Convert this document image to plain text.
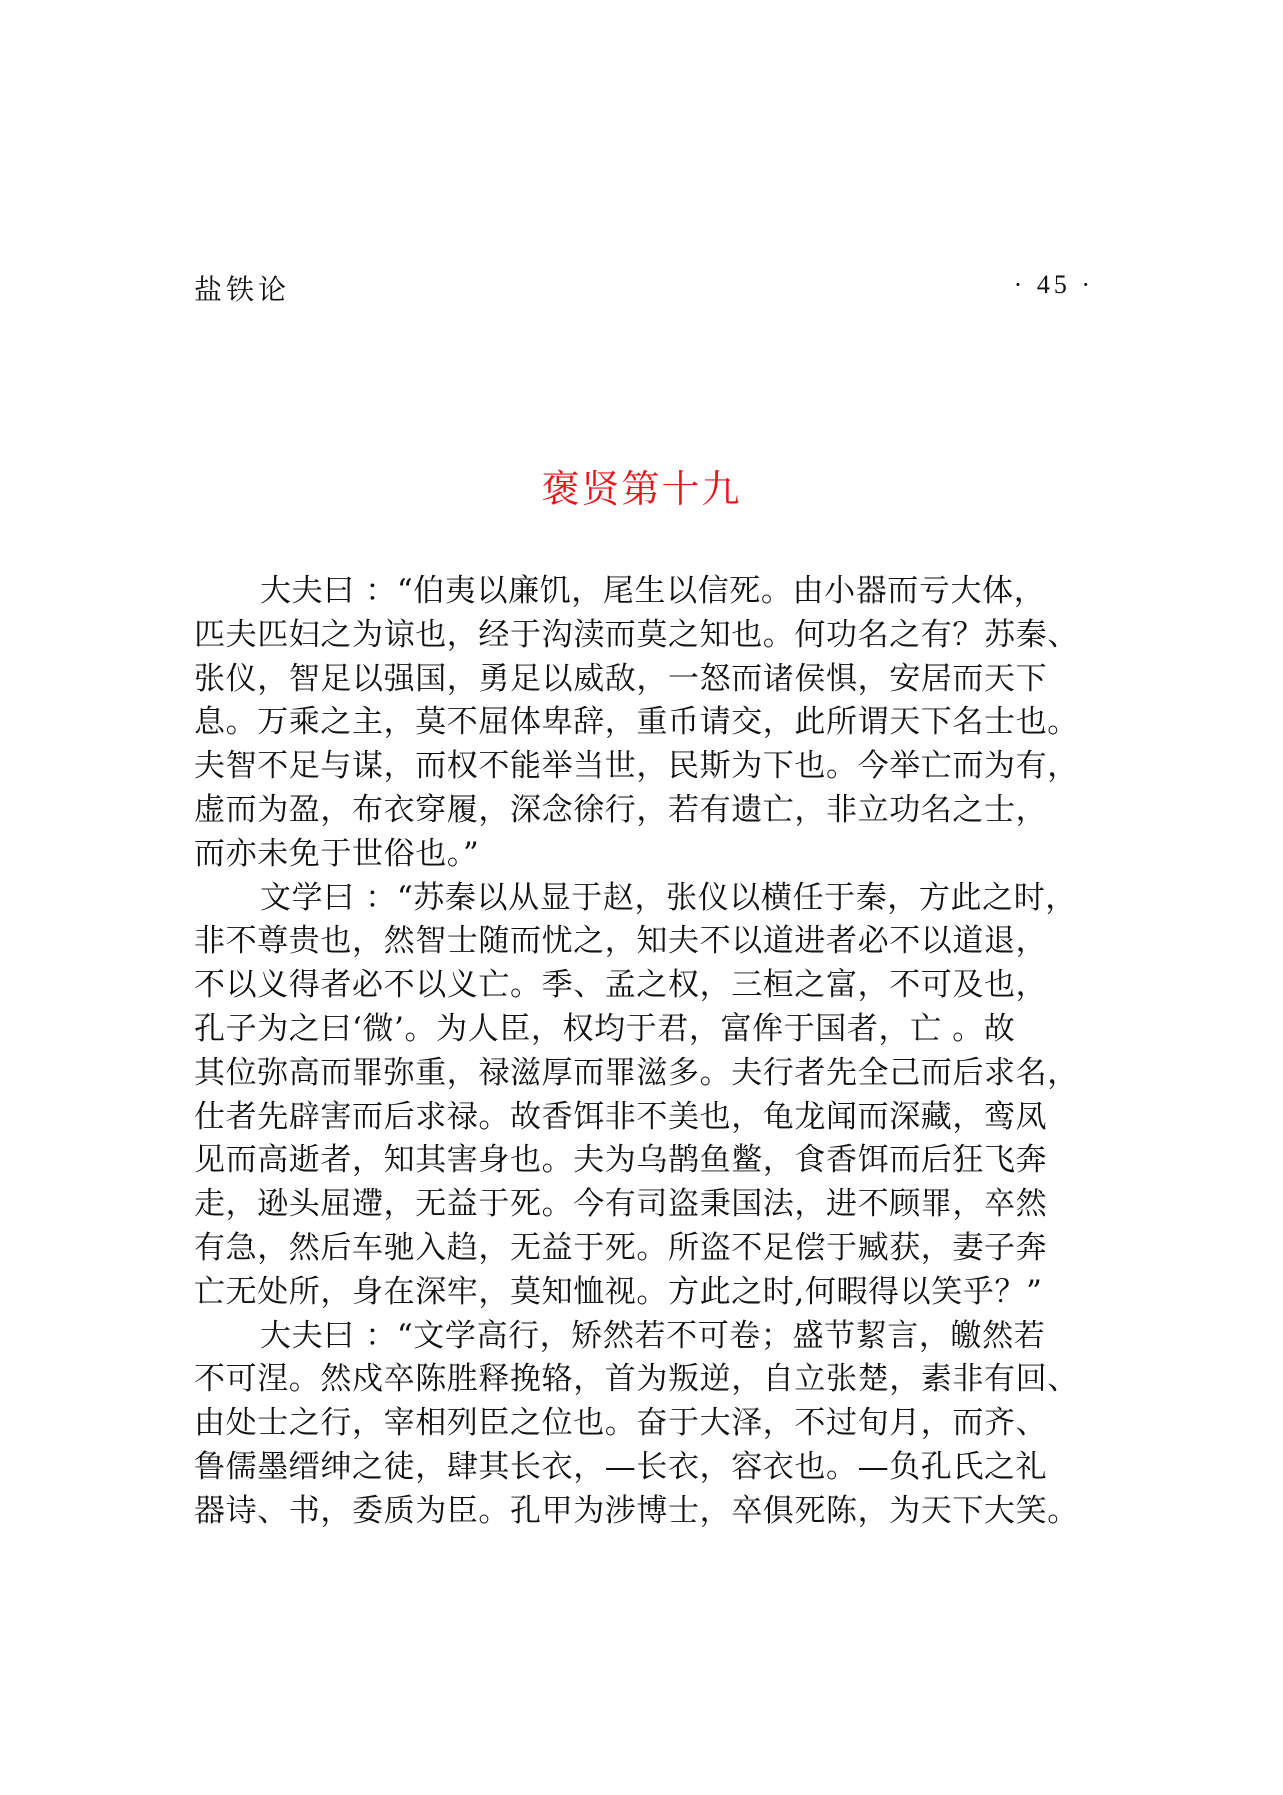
盐铁论	· 45 ·
褒贤第十九
大夫曰 ：“伯夷以廉饥，尾生以信死。由小器而亏大体，
匹夫匹妇之为谅也，经于沟渎而莫之知也。何功名之有？苏秦、
张仪，智足以强国，勇足以威敌，一怒而诸侯惧，安居而天下
息。万乘之主，莫不屈体卑辞，重币请交，此所谓天下名士也。
夫智不足与谋，而权不能举当世，民斯为下也。今举亡而为有，
虚而为盈，布衣穿履，深念徐行，若有遗亡，非立功名之士，
而亦未免于世俗也。”
文学曰 ：“苏秦以从显于赵，张仪以横任于秦，方此之时，
非不尊贵也，然智士随而忧之，知夫不以道进者必不以道退，
不以义得者必不以义亡。季、孟之权，三桓之富，不可及也，
孔子为之曰‘微’。为人臣，权均于君，富侔于国者，亡 。故
其位弥高而罪弥重，禄滋厚而罪滋多。夫行者先全己而后求名，
仕者先辟害而后求禄。故香饵非不美也，龟龙闻而深藏，鸾凤
见而高逝者，知其害身也。夫为乌鹊鱼鳖，食香饵而后狂飞奔
走，逊头屈遰，无益于死。今有司盗秉国法，进不顾罪，卒然
有急，然后车驰入趋，无益于死。所盗不足偿于臧获，妻子奔
亡无处所，身在深牢，莫知恤视。方此之时,何暇得以笑乎？”
大夫曰 ：“文学高行，矫然若不可卷；盛节絜言，皦然若
不可涅。然戍卒陈胜释挽辂，首为叛逆，自立张楚，素非有回、
由处士之行，宰相列臣之位也。奋于大泽，不过旬月，而齐、
鲁儒墨缙绅之徒，肆其长衣，—长衣，容衣也。—负孔氏之礼
器诗、书，委质为臣。孔甲为涉博士，卒俱死陈，为天下大笑。
